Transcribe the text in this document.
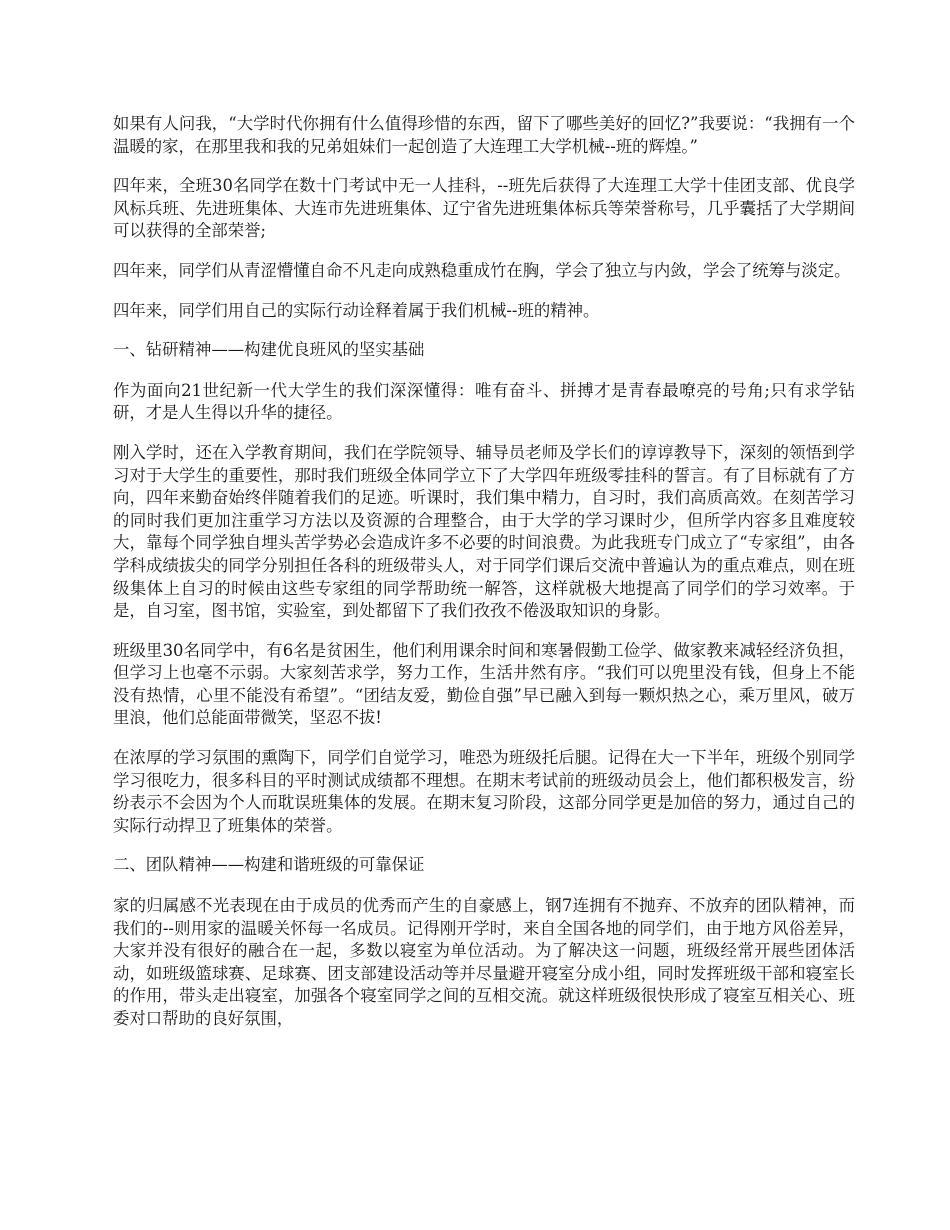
如果有人问我，“大学时代你拥有什么值得珍惜的东西，留下了哪些美好的回忆?”我要说：“我拥有一个温暖的家，在那里我和我的兄弟姐妹们一起创造了大连理工大学机械--班的辉煌。”

四年来，全班30名同学在数十门考试中无一人挂科，--班先后获得了大连理工大学十佳团支部、优良学风标兵班、先进班集体、大连市先进班集体、辽宁省先进班集体标兵等荣誉称号，几乎囊括了大学期间可以获得的全部荣誉;

四年来，同学们从青涩懵懂自命不凡走向成熟稳重成竹在胸，学会了独立与内敛，学会了统筹与淡定。

四年来，同学们用自己的实际行动诠释着属于我们机械--班的精神。

一、钻研精神——构建优良班风的坚实基础

作为面向21世纪新一代大学生的我们深深懂得：唯有奋斗、拼搏才是青春最嘹亮的号角;只有求学钻研，才是人生得以升华的捷径。

刚入学时，还在入学教育期间，我们在学院领导、辅导员老师及学长们的谆谆教导下，深刻的领悟到学习对于大学生的重要性，那时我们班级全体同学立下了大学四年班级零挂科的誓言。有了目标就有了方向，四年来勤奋始终伴随着我们的足迹。听课时，我们集中精力，自习时，我们高质高效。在刻苦学习的同时我们更加注重学习方法以及资源的合理整合，由于大学的学习课时少，但所学内容多且难度较大，靠每个同学独自埋头苦学势必会造成许多不必要的时间浪费。为此我班专门成立了“专家组”，由各学科成绩拔尖的同学分别担任各科的班级带头人，对于同学们课后交流中普遍认为的重点难点，则在班级集体上自习的时候由这些专家组的同学帮助统一解答，这样就极大地提高了同学们的学习效率。于是，自习室，图书馆，实验室，到处都留下了我们孜孜不倦汲取知识的身影。

班级里30名同学中，有6名是贫困生，他们利用课余时间和寒暑假勤工俭学、做家教来减轻经济负担，但学习上也毫不示弱。大家刻苦求学，努力工作，生活井然有序。“我们可以兜里没有钱，但身上不能没有热情，心里不能没有希望”。“团结友爱，勤俭自强”早已融入到每一颗炽热之心，乘万里风，破万里浪，他们总能面带微笑，坚忍不拔!

在浓厚的学习氛围的熏陶下，同学们自觉学习，唯恐为班级托后腿。记得在大一下半年，班级个别同学学习很吃力，很多科目的平时测试成绩都不理想。在期末考试前的班级动员会上，他们都积极发言，纷纷表示不会因为个人而耽误班集体的发展。在期末复习阶段，这部分同学更是加倍的努力，通过自己的实际行动捍卫了班集体的荣誉。

二、团队精神——构建和谐班级的可靠保证

家的归属感不光表现在由于成员的优秀而产生的自豪感上，钢7连拥有不抛弃、不放弃的团队精神，而我们的--则用家的温暖关怀每一名成员。记得刚开学时，来自全国各地的同学们，由于地方风俗差异，大家并没有很好的融合在一起，多数以寝室为单位活动。为了解决这一问题，班级经常开展些团体活动，如班级篮球赛、足球赛、团支部建设活动等并尽量避开寝室分成小组，同时发挥班级干部和寝室长的作用，带头走出寝室，加强各个寝室同学之间的互相交流。就这样班级很快形成了寝室互相关心、班委对口帮助的良好氛围，
